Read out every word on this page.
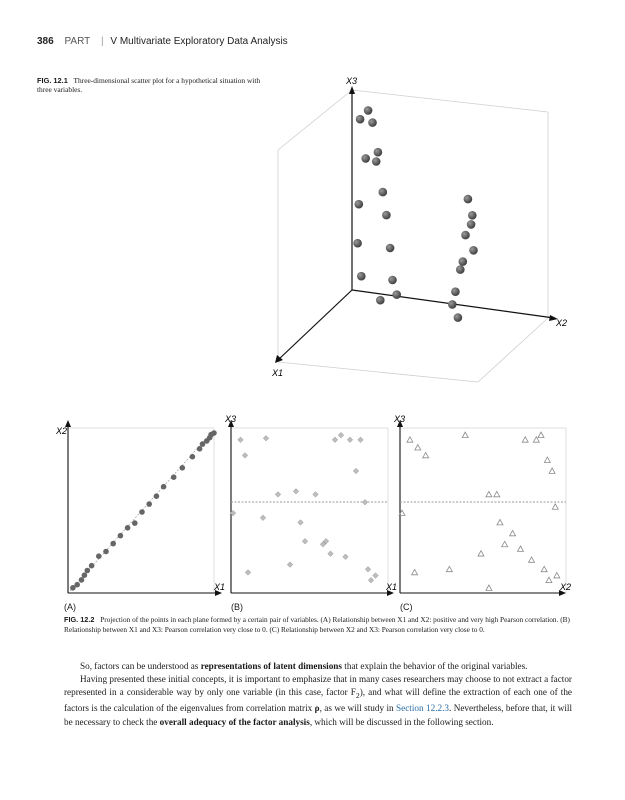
386 PART | V Multivariate Exploratory Data Analysis
FIG. 12.1 Three-dimensional scatter plot for a hypothetical situation with three variables.
X3
X2
X1
X2
X1
X3
X1
X3
X2
(A)	(B)	(C)
FIG. 12.2 Projection of the points in each plane formed by a certain pair of variables. (A) Relationship between X1 and X2: positive and very high Pearson correlation. (B) Relationship between X1 and X3: Pearson correlation very close to 0. (C) Relationship between X2 and X3: Pearson correlation very close to 0.

So, factors can be understood as representations of latent dimensions that explain the behavior of the original variables.

Having presented these initial concepts, it is important to emphasize that in many cases researchers may choose to not extract a factor represented in a considerable way by only one variable (in this case, factor $F_2$), and what will define the extraction of each one of the factors is the calculation of the eigenvalues from correlation matrix ρ, as we will study in Section 12.2.3. Nevertheless, before that, it will be necessary to check the overall adequacy of the factor analysis, which will be discussed in the following section.
